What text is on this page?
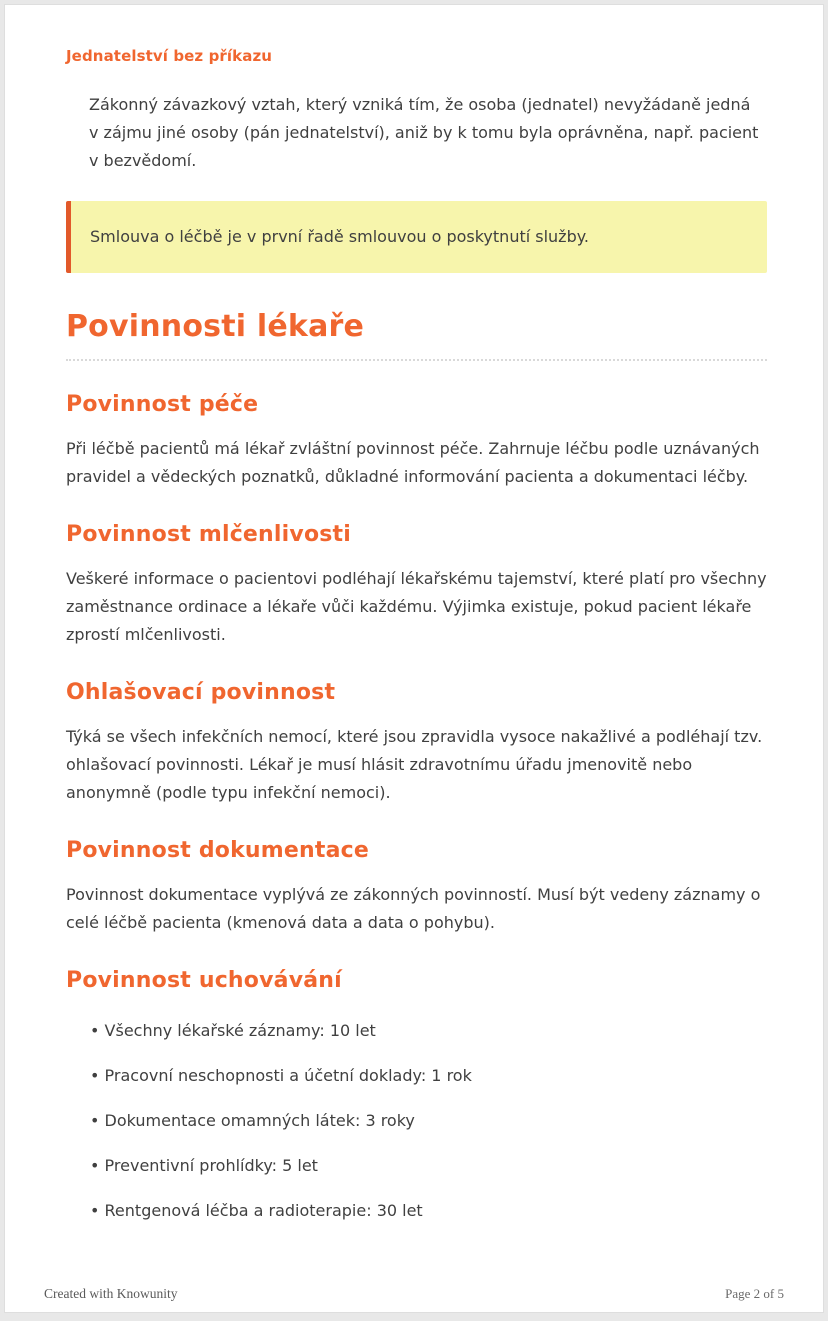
Jednatelství bez příkazu

Zákonný závazkový vztah, který vzniká tím, že osoba (jednatel) nevyžádaně jedná v zájmu jiné osoby (pán jednatelství), aniž by k tomu byla oprávněna, např. pacient v bezvědomí.

Smlouva o léčbě je v první řadě smlouvou o poskytnutí služby.

Povinnosti lékaře
Povinnost péče

Při léčbě pacientů má lékař zvláštní povinnost péče. Zahrnuje léčbu podle uznávaných pravidel a vědeckých poznatků, důkladné informování pacienta a dokumentaci léčby.

Povinnost mlčenlivosti

Veškeré informace o pacientovi podléhají lékařskému tajemství, které platí pro všechny zaměstnance ordinace a lékaře vůči každému. Výjimka existuje, pokud pacient lékaře zprostí mlčenlivosti.

Ohlašovací povinnost

Týká se všech infekčních nemocí, které jsou zpravidla vysoce nakažlivé a podléhají tzv. ohlašovací povinnosti. Lékař je musí hlásit zdravotnímu úřadu jmenovitě nebo anonymně (podle typu infekční nemoci).

Povinnost dokumentace

Povinnost dokumentace vyplývá ze zákonných povinností. Musí být vedeny záznamy o celé léčbě pacienta (kmenová data a data o pohybu).

Povinnost uchovávání
• Všechny lékařské záznamy: 10 let
• Pracovní neschopnosti a účetní doklady: 1 rok
• Dokumentace omamných látek: 3 roky
• Preventivní prohlídky: 5 let
• Rentgenová léčba a radioterapie: 30 let
Created with Knowunity	Page 2 of 5
